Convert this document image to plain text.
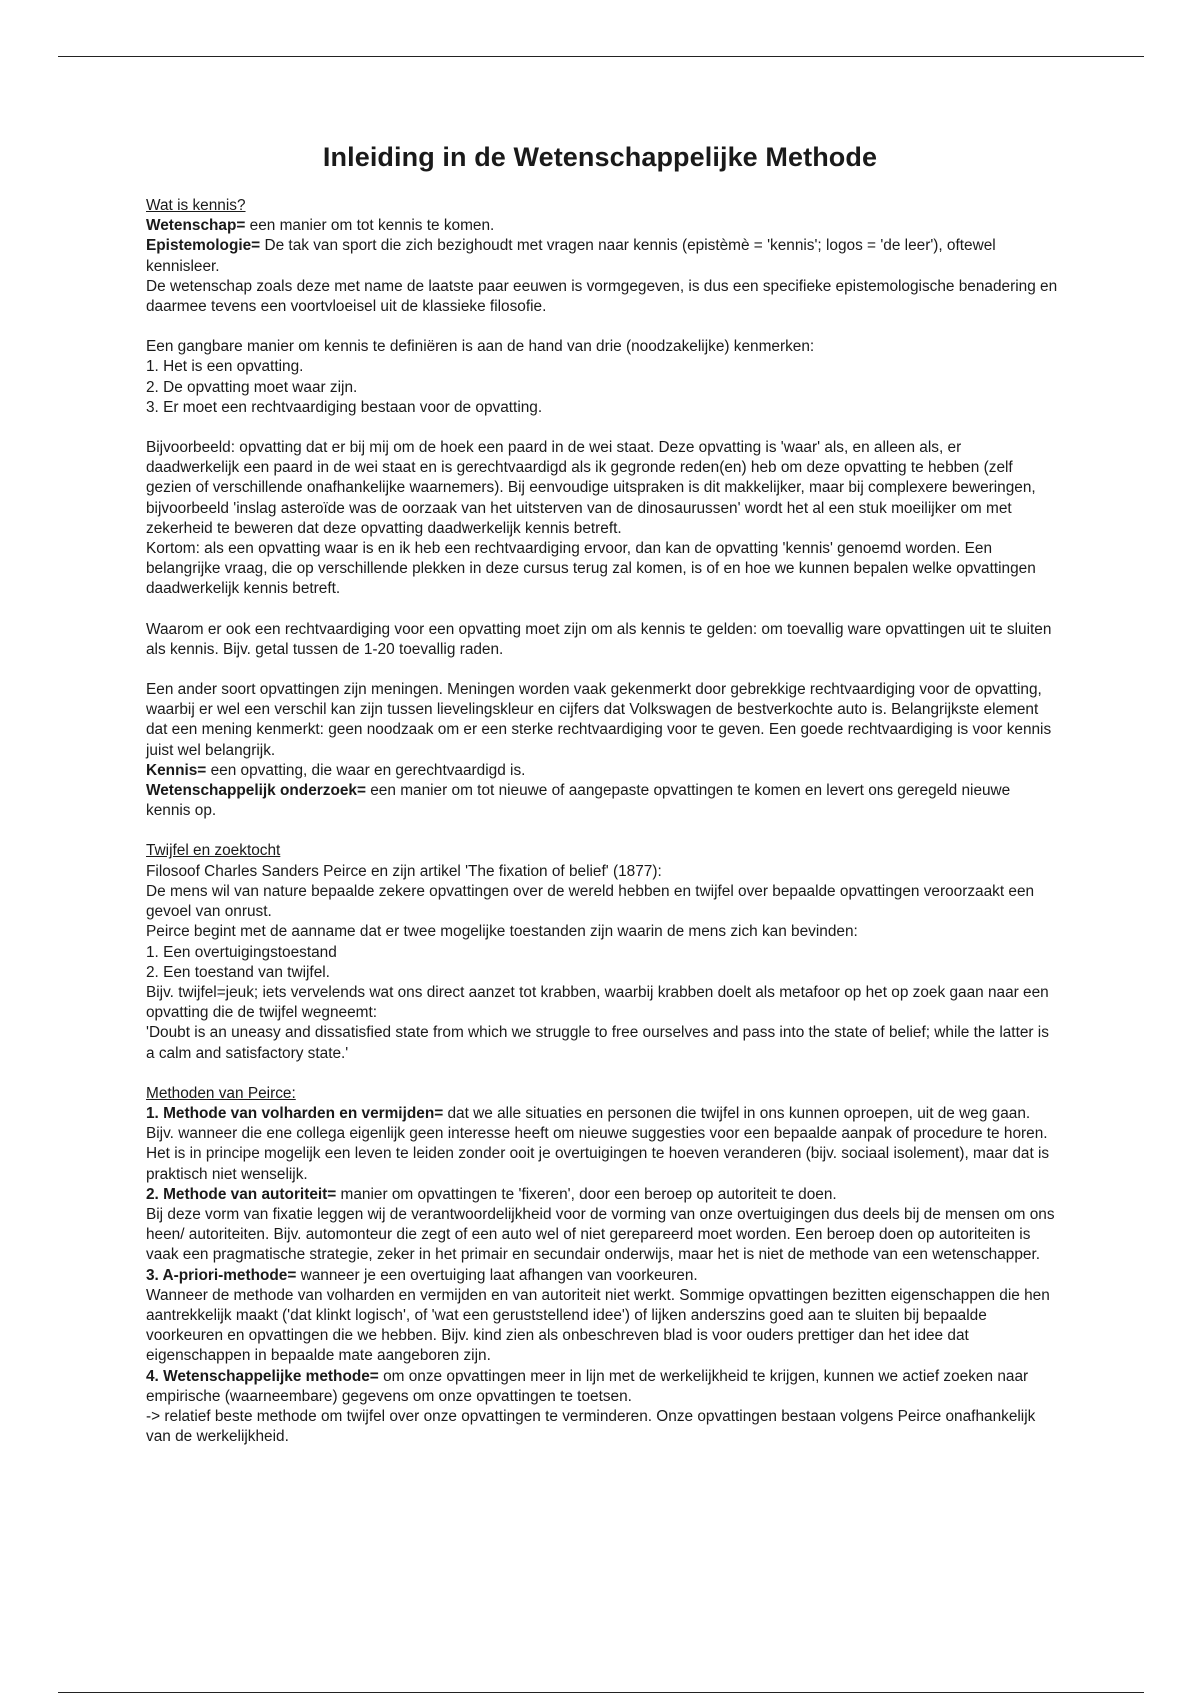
Inleiding in de Wetenschappelijke Methode

Wat is kennis?

Wetenschap= een manier om tot kennis te komen.

Epistemologie= De tak van sport die zich bezighoudt met vragen naar kennis (epistèmè = 'kennis'; logos = 'de leer'), oftewel kennisleer.

De wetenschap zoals deze met name de laatste paar eeuwen is vormgegeven, is dus een specifieke epistemologische benadering en daarmee tevens een voortvloeisel uit de klassieke filosofie.

Een gangbare manier om kennis te definiëren is aan de hand van drie (noodzakelijke) kenmerken:

1. Het is een opvatting.

2. De opvatting moet waar zijn.

3. Er moet een rechtvaardiging bestaan voor de opvatting.

Bijvoorbeeld: opvatting dat er bij mij om de hoek een paard in de wei staat. Deze opvatting is 'waar' als, en alleen als, er daadwerkelijk een paard in de wei staat en is gerechtvaardigd als ik gegronde reden(en) heb om deze opvatting te hebben (zelf gezien of verschillende onafhankelijke waarnemers). Bij eenvoudige uitspraken is dit makkelijker, maar bij complexere beweringen, bijvoorbeeld 'inslag asteroïde was de oorzaak van het uitsterven van de dinosaurussen' wordt het al een stuk moeilijker om met zekerheid te beweren dat deze opvatting daadwerkelijk kennis betreft.

Kortom: als een opvatting waar is en ik heb een rechtvaardiging ervoor, dan kan de opvatting 'kennis' genoemd worden. Een belangrijke vraag, die op verschillende plekken in deze cursus terug zal komen, is of en hoe we kunnen bepalen welke opvattingen daadwerkelijk kennis betreft.

Waarom er ook een rechtvaardiging voor een opvatting moet zijn om als kennis te gelden: om toevallig ware opvattingen uit te sluiten als kennis. Bijv. getal tussen de 1-20 toevallig raden.

Een ander soort opvattingen zijn meningen. Meningen worden vaak gekenmerkt door gebrekkige rechtvaardiging voor de opvatting, waarbij er wel een verschil kan zijn tussen lievelingskleur en cijfers dat Volkswagen de bestverkochte auto is. Belangrijkste element dat een mening kenmerkt: geen noodzaak om er een sterke rechtvaardiging voor te geven. Een goede rechtvaardiging is voor kennis juist wel belangrijk.

Kennis= een opvatting, die waar en gerechtvaardigd is.

Wetenschappelijk onderzoek= een manier om tot nieuwe of aangepaste opvattingen te komen en levert ons geregeld nieuwe kennis op.

Twijfel en zoektocht

Filosoof Charles Sanders Peirce en zijn artikel 'The fixation of belief' (1877):

De mens wil van nature bepaalde zekere opvattingen over de wereld hebben en twijfel over bepaalde opvattingen veroorzaakt een gevoel van onrust.

Peirce begint met de aanname dat er twee mogelijke toestanden zijn waarin de mens zich kan bevinden:

1. Een overtuigingstoestand

2. Een toestand van twijfel.

Bijv. twijfel=jeuk; iets vervelends wat ons direct aanzet tot krabben, waarbij krabben doelt als metafoor op het op zoek gaan naar een opvatting die de twijfel wegneemt:

'Doubt is an uneasy and dissatisfied state from which we struggle to free ourselves and pass into the state of belief; while the latter is a calm and satisfactory state.'

Methoden van Peirce:

1. Methode van volharden en vermijden= dat we alle situaties en personen die twijfel in ons kunnen oproepen, uit de weg gaan.

Bijv. wanneer die ene collega eigenlijk geen interesse heeft om nieuwe suggesties voor een bepaalde aanpak of procedure te horen. Het is in principe mogelijk een leven te leiden zonder ooit je overtuigingen te hoeven veranderen (bijv. sociaal isolement), maar dat is praktisch niet wenselijk.

2. Methode van autoriteit= manier om opvattingen te 'fixeren', door een beroep op autoriteit te doen.

Bij deze vorm van fixatie leggen wij de verantwoordelijkheid voor de vorming van onze overtuigingen dus deels bij de mensen om ons heen/ autoriteiten. Bijv. automonteur die zegt of een auto wel of niet gerepareerd moet worden. Een beroep doen op autoriteiten is vaak een pragmatische strategie, zeker in het primair en secundair onderwijs, maar het is niet de methode van een wetenschapper.

3. A-priori-methode= wanneer je een overtuiging laat afhangen van voorkeuren.

Wanneer de methode van volharden en vermijden en van autoriteit niet werkt. Sommige opvattingen bezitten eigenschappen die hen aantrekkelijk maakt ('dat klinkt logisch', of 'wat een geruststellend idee') of lijken anderszins goed aan te sluiten bij bepaalde voorkeuren en opvattingen die we hebben. Bijv. kind zien als onbeschreven blad is voor ouders prettiger dan het idee dat eigenschappen in bepaalde mate aangeboren zijn.

4. Wetenschappelijke methode= om onze opvattingen meer in lijn met de werkelijkheid te krijgen, kunnen we actief zoeken naar empirische (waarneembare) gegevens om onze opvattingen te toetsen.

-> relatief beste methode om twijfel over onze opvattingen te verminderen. Onze opvattingen bestaan volgens Peirce onafhankelijk van de werkelijkheid.
